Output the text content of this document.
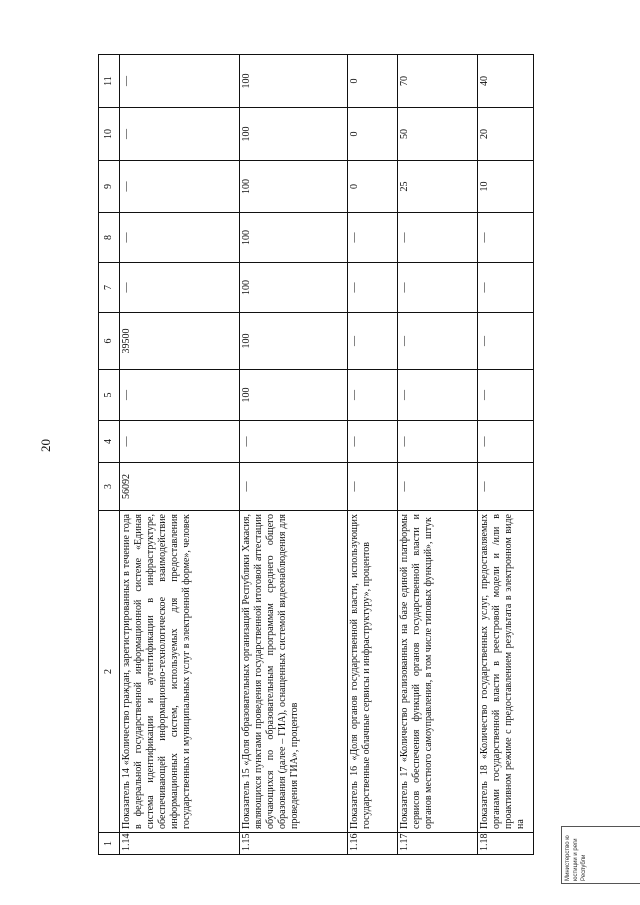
20
1	2	3	4	5	6	7	8	9	10	11
1.14	Показатель 14 «Количество граждан, зарегистрированных в течение года в федеральной государственной информационной системе «Единая система идентификации и аутентификации в инфраструктуре, обеспечивающей информационно-технологическое взаимодействие информационных систем, используемых для предоставления государственных и муниципальных услуг в электронной форме», человек	56092	—	—	39500	—	—	—	—	—
1.15	Показатель 15 «Доля образовательных организаций Республики Хакасия, являющихся пунктами проведения государственной итоговой аттестации обучающихся по образовательным программам среднего общего образования (далее – ГИА), оснащенных системой видеонаблюдения для проведения ГИА», процентов	—	—	100	100	100	100	100	100	100
1.16	Показатель 16 «Доля органов государственной власти, использующих государственные облачные сервисы и инфраструктуру», процентов	—	—	—	—	—	—	0	0	0
1.17	Показатель 17 «Количество реализованных на базе единой платформы сервисов обеспечения функций органов государственной власти и органов местного самоуправления, в том числе типовых функций», штук	—	—	—	—	—	—	25	50	70
1.18	Показатель 18 «Количество государственных услуг, предоставляемых органами государственной власти в реестровой модели и /или в проактивном режиме с предоставлением результата в электронном виде на	—	—	—	—	—	—	10	20	40
Министерство ю юстиции и реги Республи
